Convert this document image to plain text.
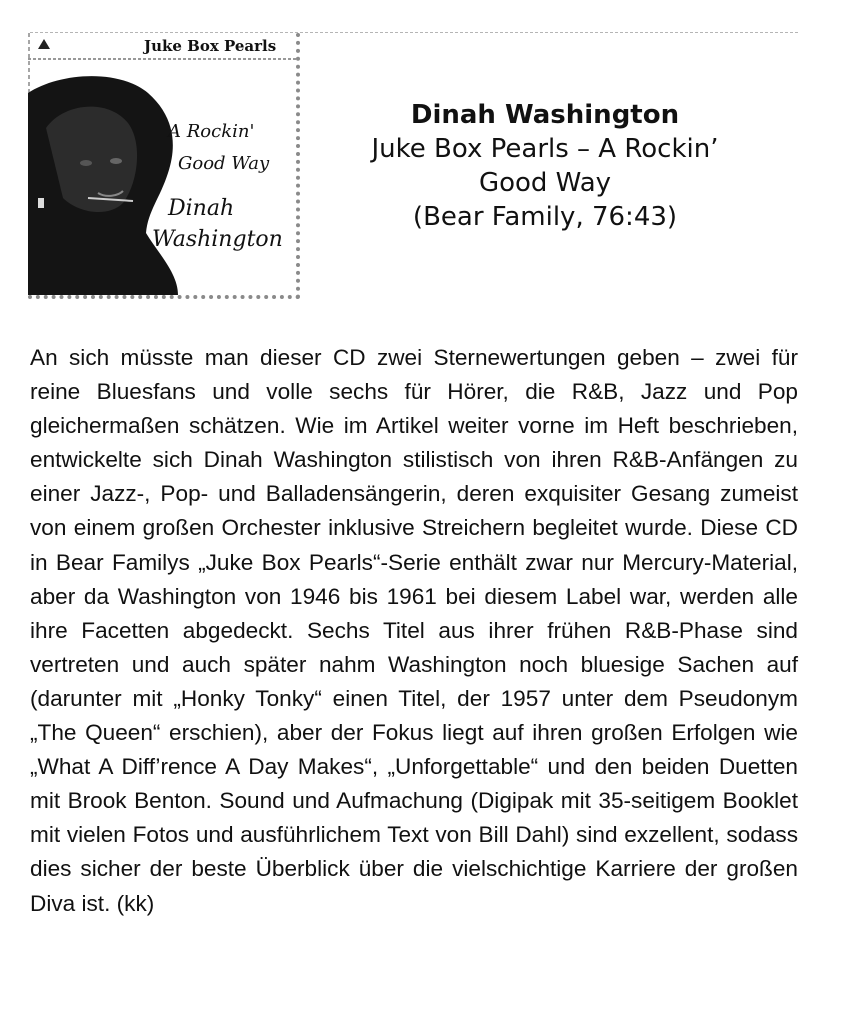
Juke Box Pearls
A Rockin'
Good Way
Dinah
Washington
Dinah Washington
Juke Box Pearls – A Rockin’
Good Way
(Bear Family, 76:43)

An sich müsste man dieser CD zwei Sternewertungen geben – zwei für reine Bluesfans und volle sechs für Hörer, die R&B, Jazz und Pop gleichermaßen schätzen. Wie im Artikel weiter vorne im Heft beschrieben, entwickelte sich Dinah Washington stilistisch von ihren R&B-Anfängen zu einer Jazz-, Pop- und Balladensängerin, deren exquisiter Gesang zumeist von einem großen Orchester inklusive Streichern begleitet wurde. Diese CD in Bear Familys „Juke Box Pearls“-Serie enthält zwar nur Mercury-Material, aber da Washington von 1946 bis 1961 bei diesem Label war, werden alle ihre Facetten abgedeckt. Sechs Titel aus ihrer frühen R&B-Phase sind vertreten und auch später nahm Washington noch bluesige Sachen auf (darunter mit „Honky Tonky“ einen Titel, der 1957 unter dem Pseudonym „The Queen“ erschien), aber der Fokus liegt auf ihren großen Erfolgen wie „What A Diff’rence A Day Makes“, „Unforgettable“ und den beiden Duetten mit Brook Benton. Sound und Aufmachung (Digipak mit 35-seitigem Booklet mit vielen Fotos und ausführlichem Text von Bill Dahl) sind exzellent, sodass dies sicher der beste Überblick über die vielschichtige Karriere der großen Diva ist. (kk)
